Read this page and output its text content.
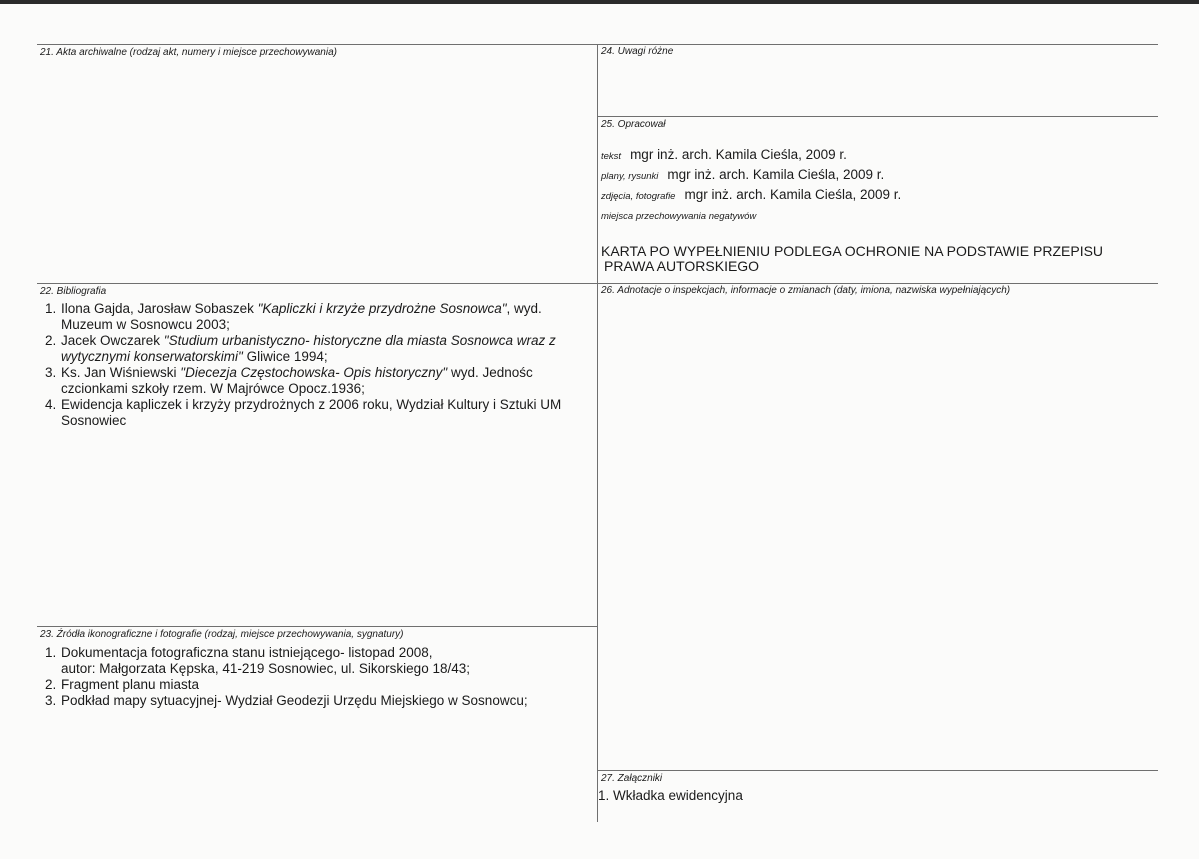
21. Akta archiwalne (rodzaj akt, numery i miejsce przechowywania)	24. Uwagi różne
25. Opracował
tekst mgr inż. arch. Kamila Cieśla, 2009 r.
plany, rysunki mgr inż. arch. Kamila Cieśla, 2009 r.
zdjęcia, fotografie mgr inż. arch. Kamila Cieśla, 2009 r.
miejsca przechowywania negatywów
KARTA PO WYPEŁNIENIU PODLEGA OCHRONIE NA PODSTAWIE PRZEPISU
PRAWA AUTORSKIEGO
22. Bibliografia
1. Ilona Gajda, Jarosław Sobaszek "Kapliczki i krzyże przydrożne Sosnowca", wyd. Muzeum w Sosnowcu 2003;
2. Jacek Owczarek "Studium urbanistyczno- historyczne dla miasta Sosnowca wraz z wytycznymi konserwatorskimi" Gliwice 1994;
3. Ks. Jan Wiśniewski "Diecezja Częstochowska- Opis historyczny" wyd. Jednośc czcionkami szkoły rzem. W Majrówce Opocz.1936;
4. Ewidencja kapliczek i krzyży przydrożnych z 2006 roku, Wydział Kultury i Sztuki UM Sosnowiec
26. Adnotacje o inspekcjach, informacje o zmianach (daty, imiona, nazwiska wypełniających)
23. Źródła ikonograficzne i fotografie (rodzaj, miejsce przechowywania, sygnatury)
1. Dokumentacja fotograficzna stanu istniejącego- listopad 2008,
autor: Małgorzata Kępska, 41-219 Sosnowiec, ul. Sikorskiego 18/43;
2. Fragment planu miasta
3. Podkład mapy sytuacyjnej- Wydział Geodezji Urzędu Miejskiego w Sosnowcu;
27. Załączniki
1. Wkładka ewidencyjna
